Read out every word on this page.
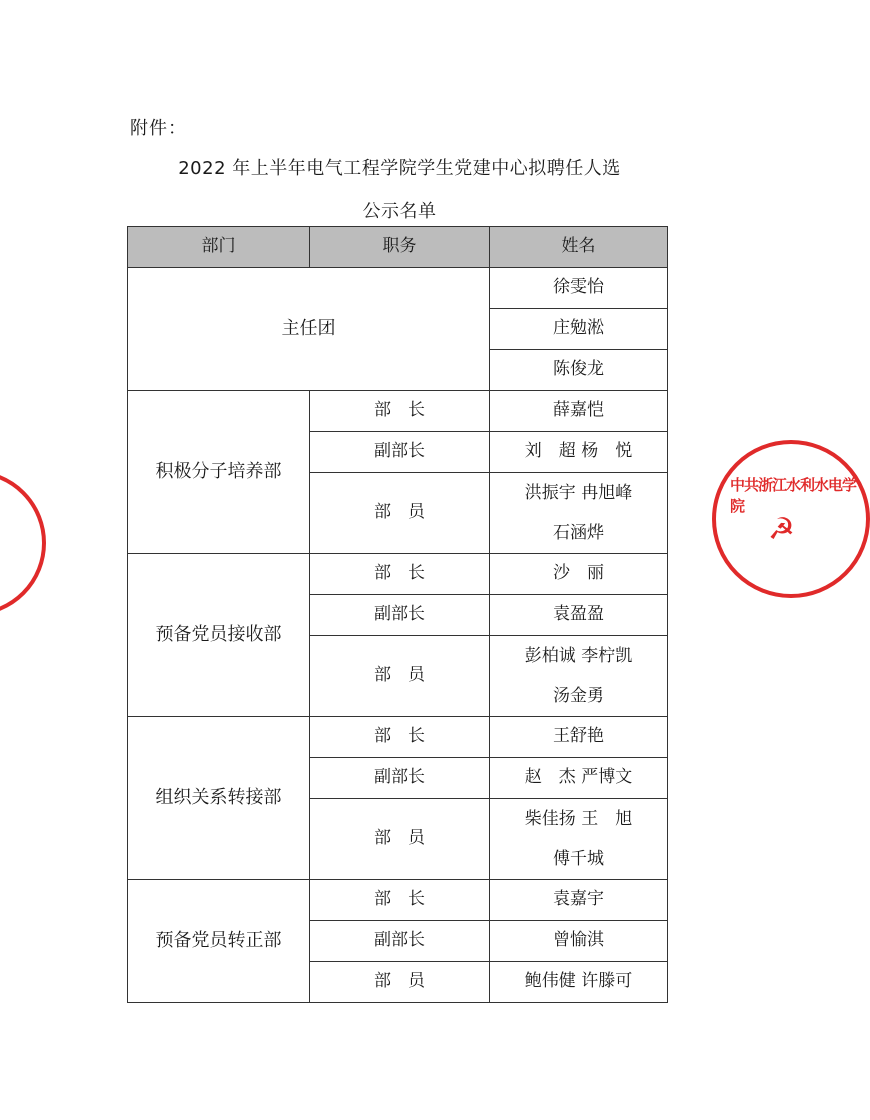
附件：
2022 年上半年电气工程学院学生党建中心拟聘任人选
公示名单
部门	职务	姓名
主任团		徐雯怡
		庄勉淞
		陈俊龙
积极分子培养部	部　长	薛嘉恺
	副部长	刘　超 杨　悦
	部　员	洪振宇 冉旭峰
石涵烨

预备党员接收部	部　长	沙　丽
	副部长	袁盈盈
	部　员	彭柏诚 李柠凯
汤金勇

组织关系转接部	部　长	王舒艳
	副部长	赵　杰 严博文
	部　员	柴佳扬 王　旭
傅千城

预备党员转正部	部　长	袁嘉宇
	副部长	曾愉淇
	部　员	鲍伟健 许滕可
中共浙江水利水电学院
☭
